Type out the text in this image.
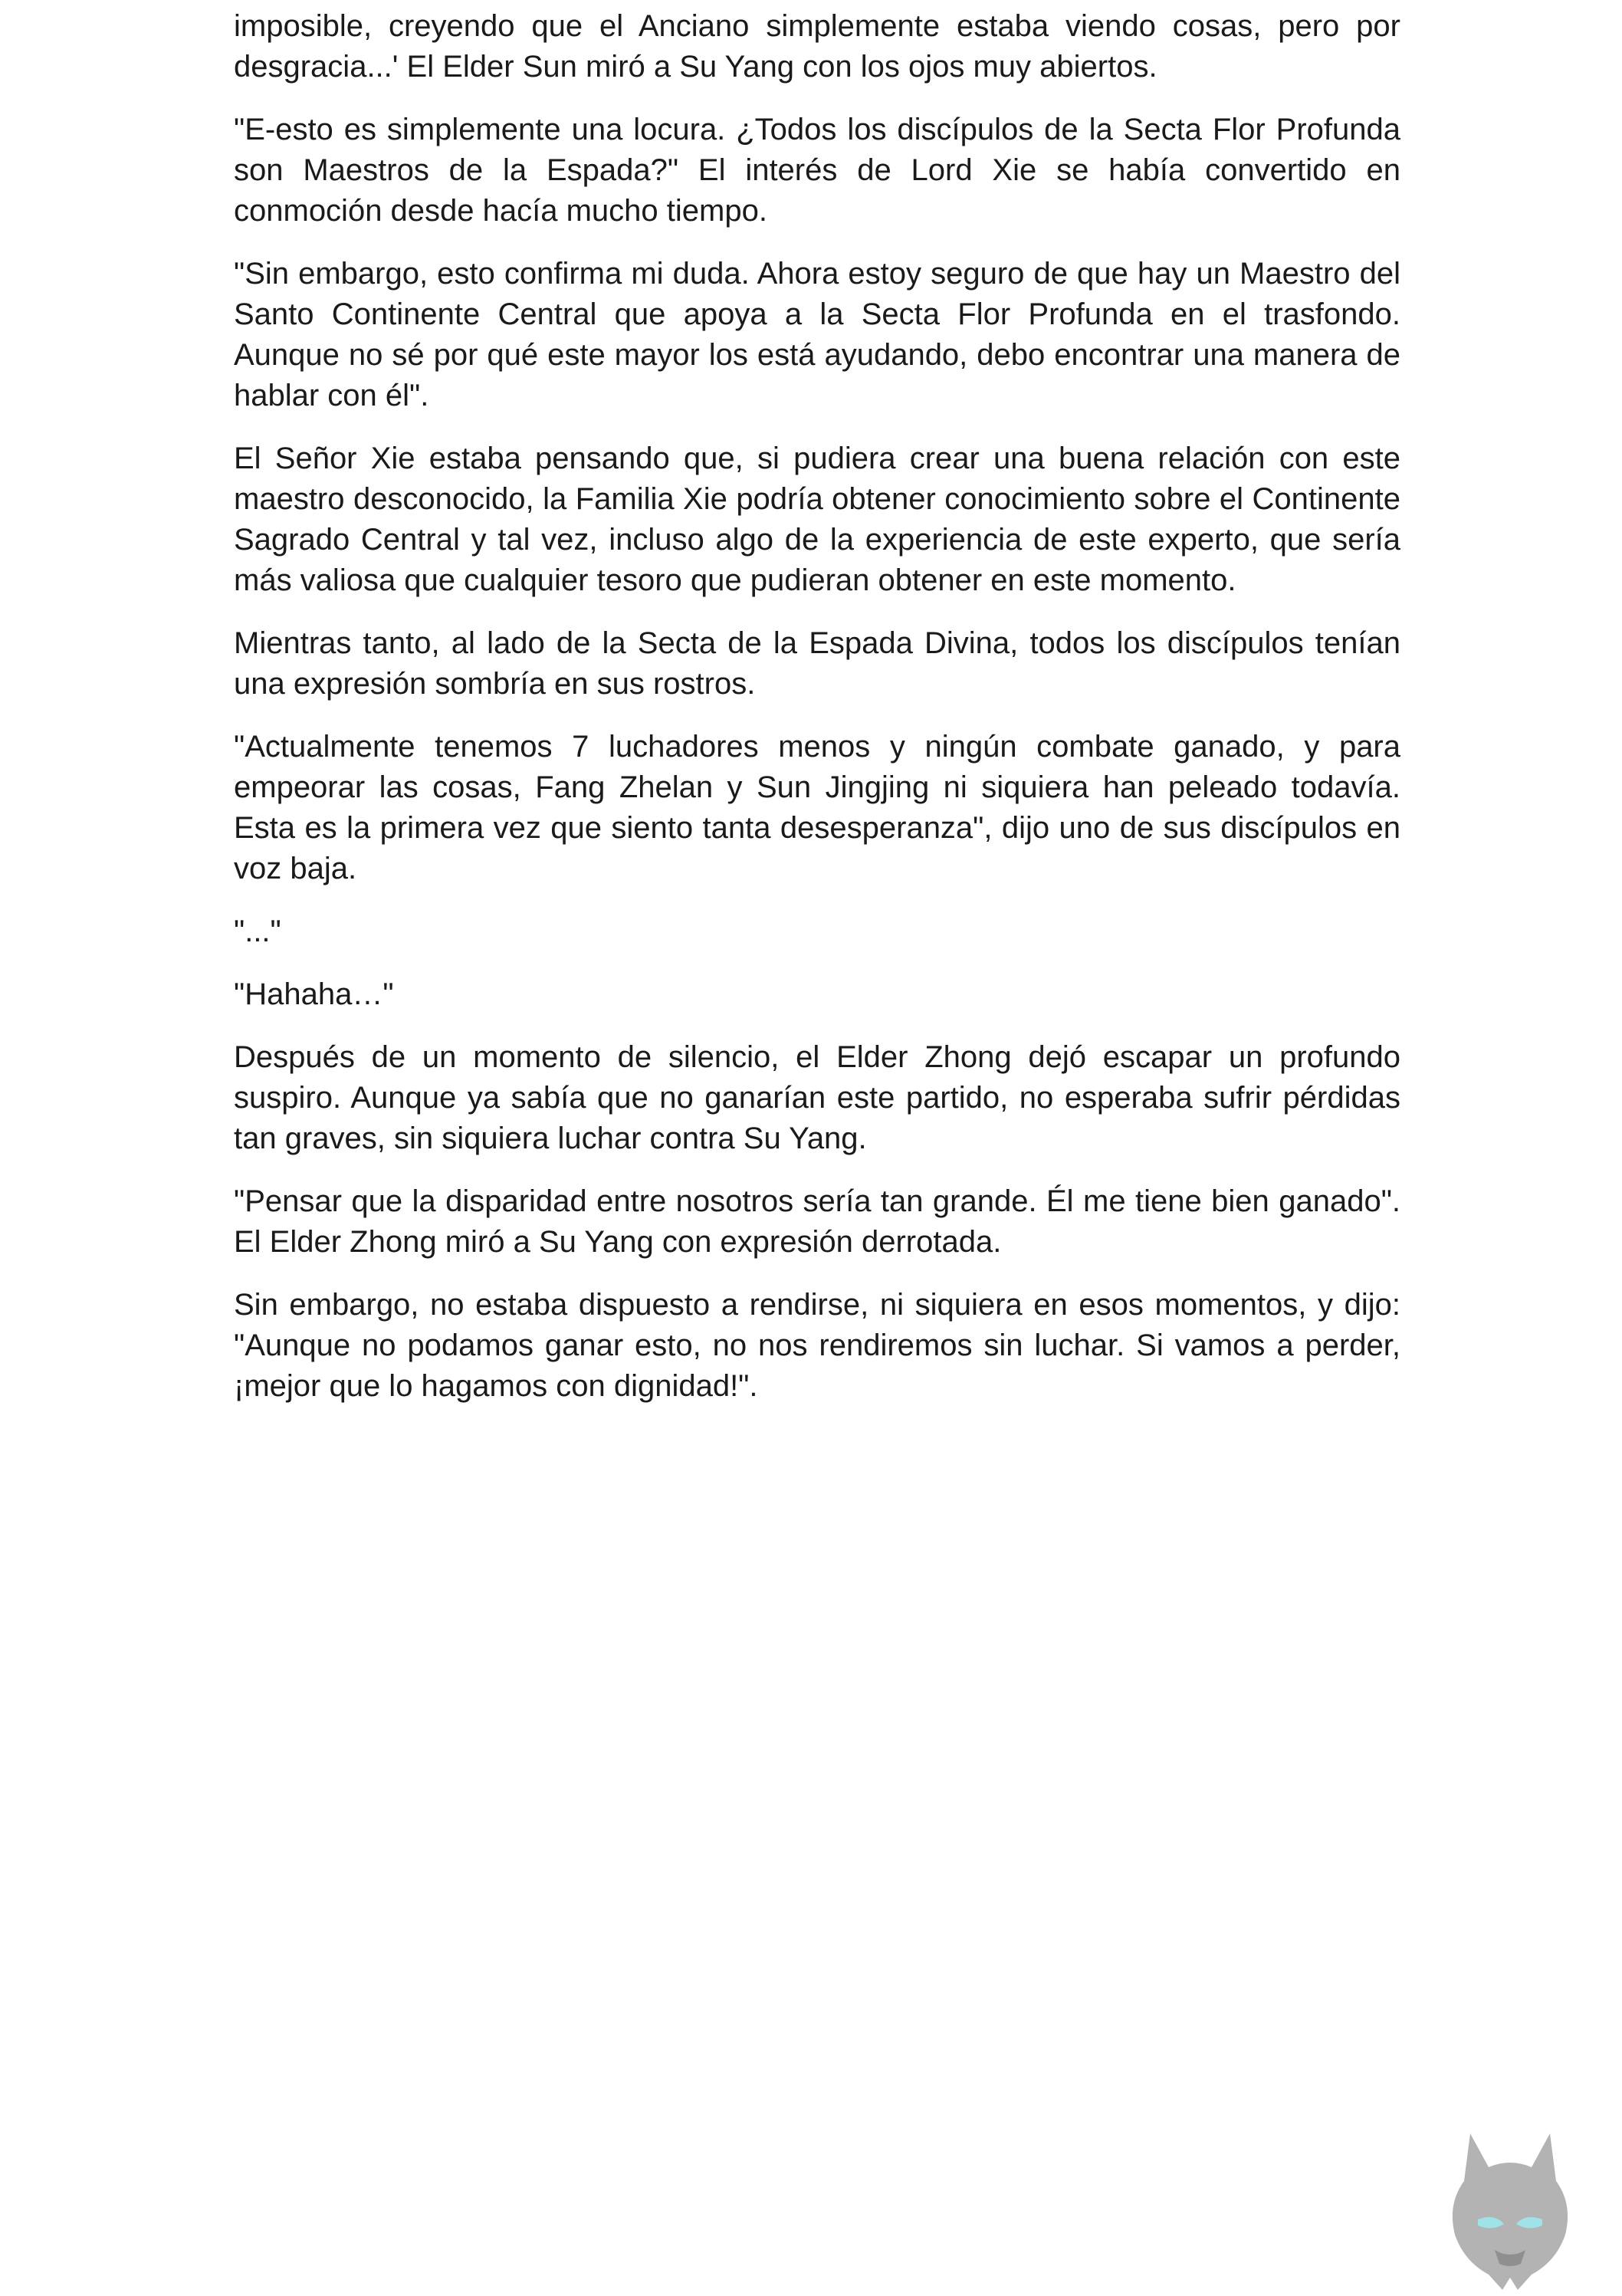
imposible, creyendo que el Anciano simplemente estaba viendo cosas, pero por desgracia...' El Elder Sun miró a Su Yang con los ojos muy abiertos.

"E-esto es simplemente una locura. ¿Todos los discípulos de la Secta Flor Profunda son Maestros de la Espada?" El interés de Lord Xie se había convertido en conmoción desde hacía mucho tiempo.

"Sin embargo, esto confirma mi duda. Ahora estoy seguro de que hay un Maestro del Santo Continente Central que apoya a la Secta Flor Profunda en el trasfondo. Aunque no sé por qué este mayor los está ayudando, debo encontrar una manera de hablar con él".

El Señor Xie estaba pensando que, si pudiera crear una buena relación con este maestro desconocido, la Familia Xie podría obtener conocimiento sobre el Continente Sagrado Central y tal vez, incluso algo de la experiencia de este experto, que sería más valiosa que cualquier tesoro que pudieran obtener en este momento.

Mientras tanto, al lado de la Secta de la Espada Divina, todos los discípulos tenían una expresión sombría en sus rostros.

"Actualmente tenemos 7 luchadores menos y ningún combate ganado, y para empeorar las cosas, Fang Zhelan y Sun Jingjing ni siquiera han peleado todavía. Esta es la primera vez que siento tanta desesperanza", dijo uno de sus discípulos en voz baja.

"..."

"Hahaha…"

Después de un momento de silencio, el Elder Zhong dejó escapar un profundo suspiro. Aunque ya sabía que no ganarían este partido, no esperaba sufrir pérdidas tan graves, sin siquiera luchar contra Su Yang.

"Pensar que la disparidad entre nosotros sería tan grande. Él me tiene bien ganado". El Elder Zhong miró a Su Yang con expresión derrotada.

Sin embargo, no estaba dispuesto a rendirse, ni siquiera en esos momentos, y dijo: "Aunque no podamos ganar esto, no nos rendiremos sin luchar. Si vamos a perder, ¡mejor que lo hagamos con dignidad!".
